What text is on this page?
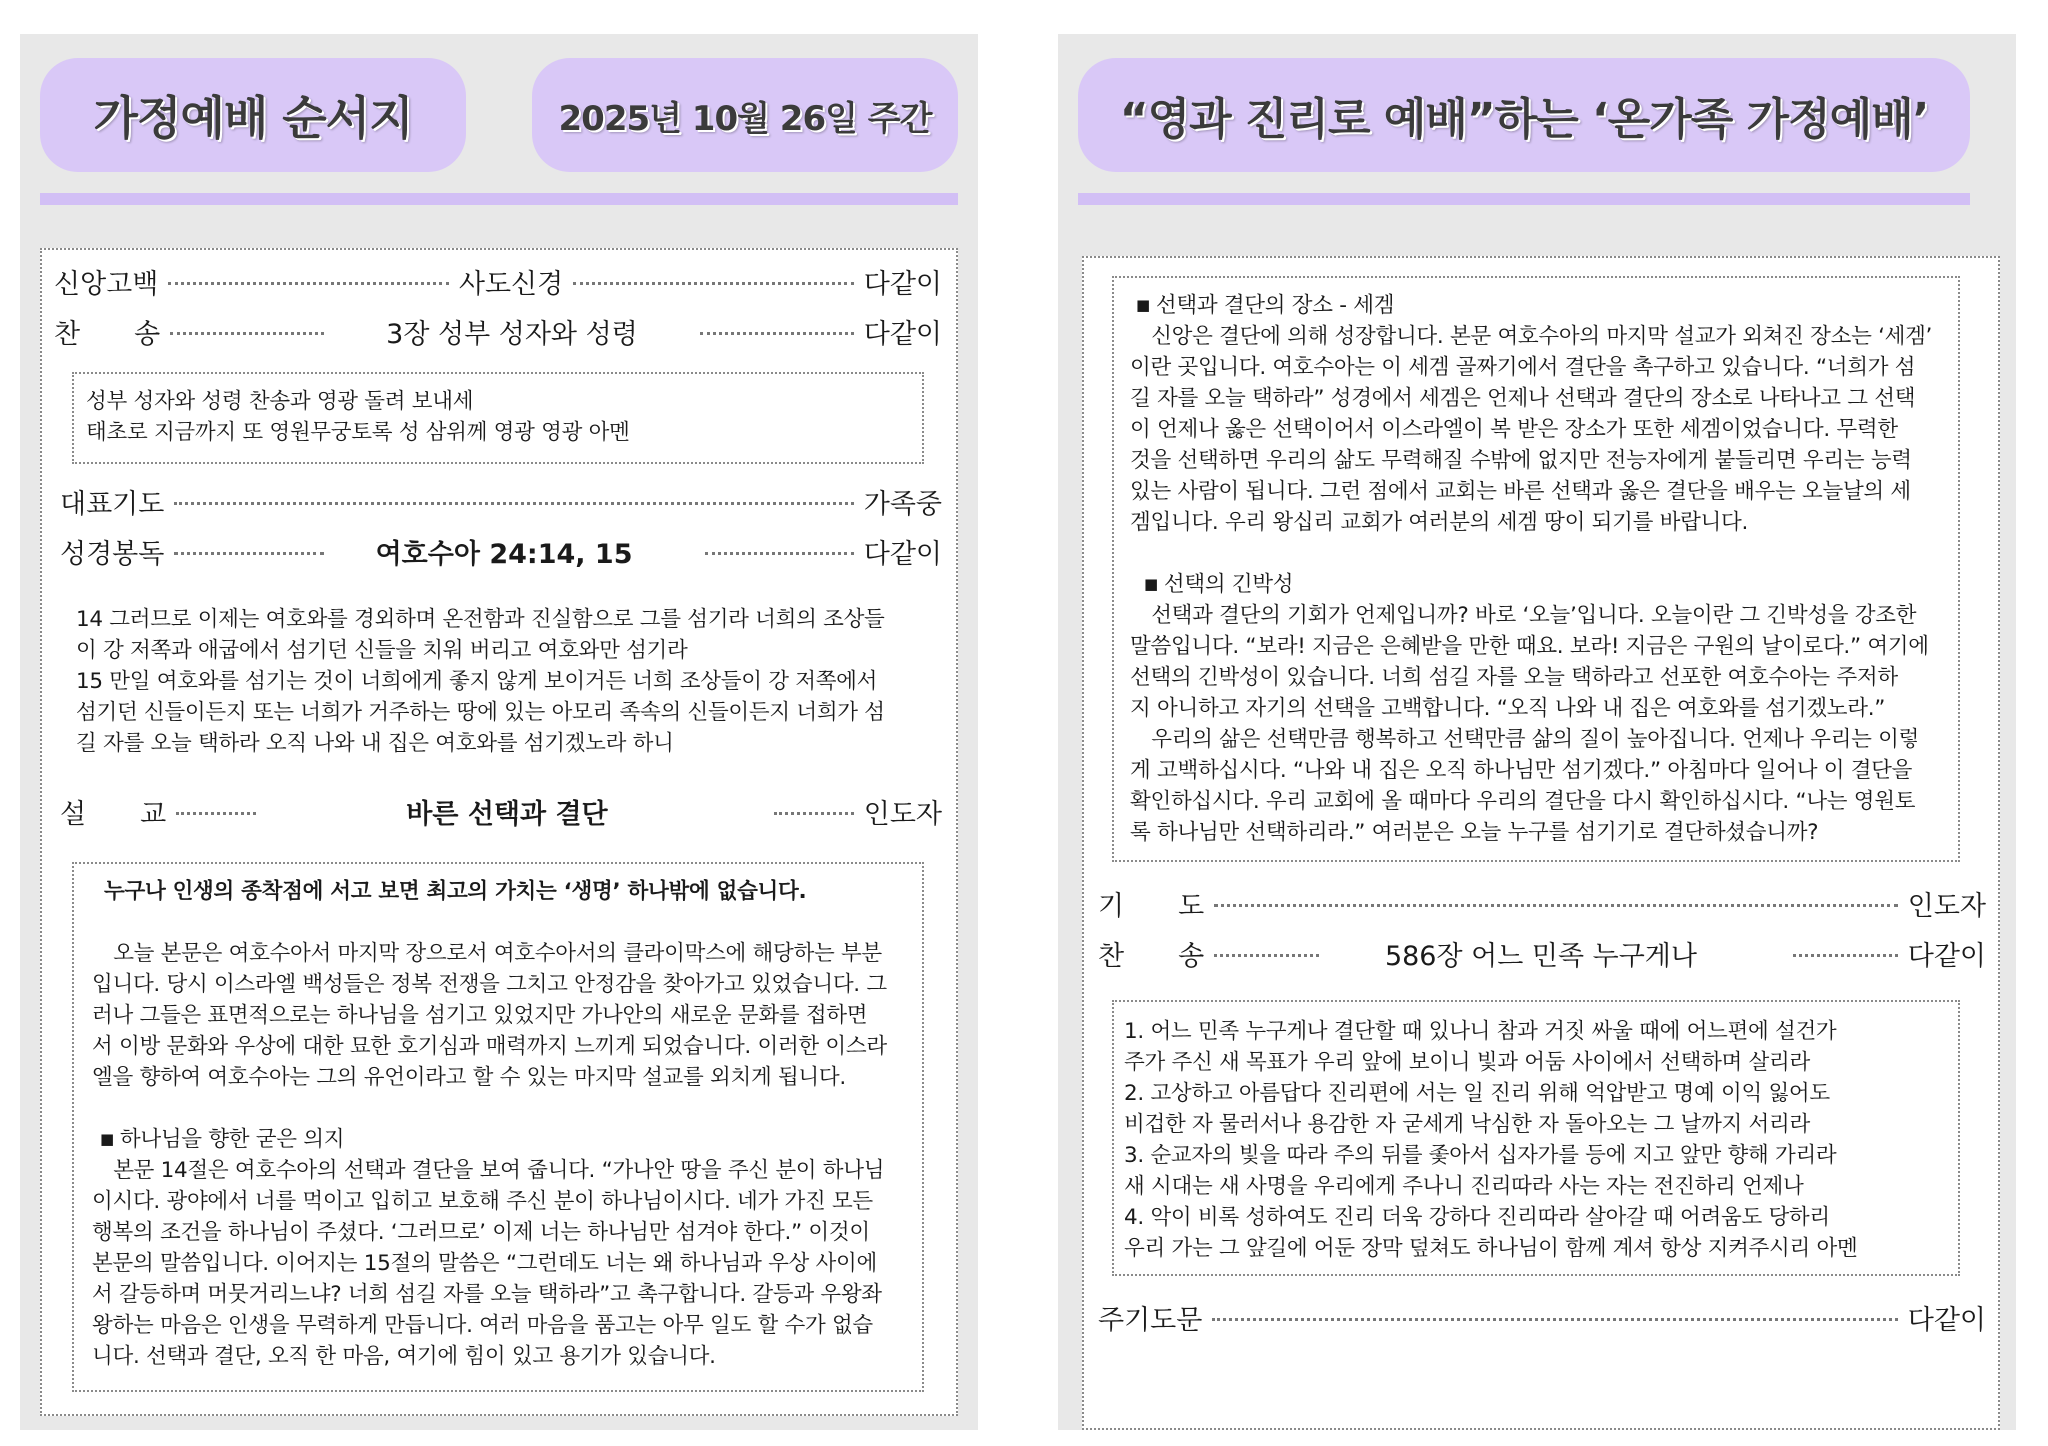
가정예배 순서지	2025년 10월 26일 주간
신앙고백	사도신경	다같이
찬　　송	3장 성부 성자와 성령	다같이
성부 성자와 성령 찬송과 영광 돌려 보내세
태초로 지금까지 또 영원무궁토록 성 삼위께 영광 영광 아멘
대표기도	가족중
성경봉독	여호수아 24:14, 15	다같이
14 그러므로 이제는 여호와를 경외하며 온전함과 진실함으로 그를 섬기라 너희의 조상들
이 강 저쪽과 애굽에서 섬기던 신들을 치워 버리고 여호와만 섬기라
15 만일 여호와를 섬기는 것이 너희에게 좋지 않게 보이거든 너희 조상들이 강 저쪽에서
섬기던 신들이든지 또는 너희가 거주하는 땅에 있는 아모리 족속의 신들이든지 너희가 섬
길 자를 오늘 택하라 오직 나와 내 집은 여호와를 섬기겠노라 하니
설　　교	바른 선택과 결단	인도자
누구나 인생의 종착점에 서고 보면 최고의 가치는 ‘생명’ 하나밖에 없습니다.
　오늘 본문은 여호수아서 마지막 장으로서 여호수아서의 클라이막스에 해당하는 부분
입니다. 당시 이스라엘 백성들은 정복 전쟁을 그치고 안정감을 찾아가고 있었습니다. 그
러나 그들은 표면적으로는 하나님을 섬기고 있었지만 가나안의 새로운 문화를 접하면
서 이방 문화와 우상에 대한 묘한 호기심과 매력까지 느끼게 되었습니다. 이러한 이스라
엘을 향하여 여호수아는 그의 유언이라고 할 수 있는 마지막 설교를 외치게 됩니다.
■ 하나님을 향한 굳은 의지
　본문 14절은 여호수아의 선택과 결단을 보여 줍니다. “가나안 땅을 주신 분이 하나님
이시다. 광야에서 너를 먹이고 입히고 보호해 주신 분이 하나님이시다. 네가 가진 모든
행복의 조건을 하나님이 주셨다. ‘그러므로’ 이제 너는 하나님만 섬겨야 한다.” 이것이
본문의 말씀입니다. 이어지는 15절의 말씀은 “그런데도 너는 왜 하나님과 우상 사이에
서 갈등하며 머뭇거리느냐? 너희 섬길 자를 오늘 택하라”고 촉구합니다. 갈등과 우왕좌
왕하는 마음은 인생을 무력하게 만듭니다. 여러 마음을 품고는 아무 일도 할 수가 없습
니다. 선택과 결단, 오직 한 마음, 여기에 힘이 있고 용기가 있습니다.
“영과 진리로 예배”하는 ‘온가족 가정예배’
■ 선택과 결단의 장소 - 세겜
　신앙은 결단에 의해 성장합니다. 본문 여호수아의 마지막 설교가 외쳐진 장소는 ‘세겜’
이란 곳입니다. 여호수아는 이 세겜 골짜기에서 결단을 촉구하고 있습니다. “너희가 섬
길 자를 오늘 택하라” 성경에서 세겜은 언제나 선택과 결단의 장소로 나타나고 그 선택
이 언제나 옳은 선택이어서 이스라엘이 복 받은 장소가 또한 세겜이었습니다. 무력한
것을 선택하면 우리의 삶도 무력해질 수밖에 없지만 전능자에게 붙들리면 우리는 능력
있는 사람이 됩니다. 그런 점에서 교회는 바른 선택과 옳은 결단을 배우는 오늘날의 세
겜입니다. 우리 왕십리 교회가 여러분의 세겜 땅이 되기를 바랍니다.
■ 선택의 긴박성
　선택과 결단의 기회가 언제입니까? 바로 ‘오늘’입니다. 오늘이란 그 긴박성을 강조한
말씀입니다. “보라! 지금은 은혜받을 만한 때요. 보라! 지금은 구원의 날이로다.” 여기에
선택의 긴박성이 있습니다. 너희 섬길 자를 오늘 택하라고 선포한 여호수아는 주저하
지 아니하고 자기의 선택을 고백합니다. “오직 나와 내 집은 여호와를 섬기겠노라.”
　우리의 삶은 선택만큼 행복하고 선택만큼 삶의 질이 높아집니다. 언제나 우리는 이렇
게 고백하십시다. “나와 내 집은 오직 하나님만 섬기겠다.” 아침마다 일어나 이 결단을
확인하십시다. 우리 교회에 올 때마다 우리의 결단을 다시 확인하십시다. “나는 영원토
록 하나님만 선택하리라.” 여러분은 오늘 누구를 섬기기로 결단하셨습니까?
기　　도	인도자
찬　　송	586장 어느 민족 누구게나	다같이
1. 어느 민족 누구게나 결단할 때 있나니 참과 거짓 싸울 때에 어느편에 설건가
주가 주신 새 목표가 우리 앞에 보이니 빛과 어둠 사이에서 선택하며 살리라
2. 고상하고 아름답다 진리편에 서는 일 진리 위해 억압받고 명예 이익 잃어도
비겁한 자 물러서나 용감한 자 굳세게 낙심한 자 돌아오는 그 날까지 서리라
3. 순교자의 빛을 따라 주의 뒤를 좇아서 십자가를 등에 지고 앞만 향해 가리라
새 시대는 새 사명을 우리에게 주나니 진리따라 사는 자는 전진하리 언제나
4. 악이 비록 성하여도 진리 더욱 강하다 진리따라 살아갈 때 어려움도 당하리
우리 가는 그 앞길에 어둔 장막 덮쳐도 하나님이 함께 계셔 항상 지켜주시리 아멘
주기도문	다같이
